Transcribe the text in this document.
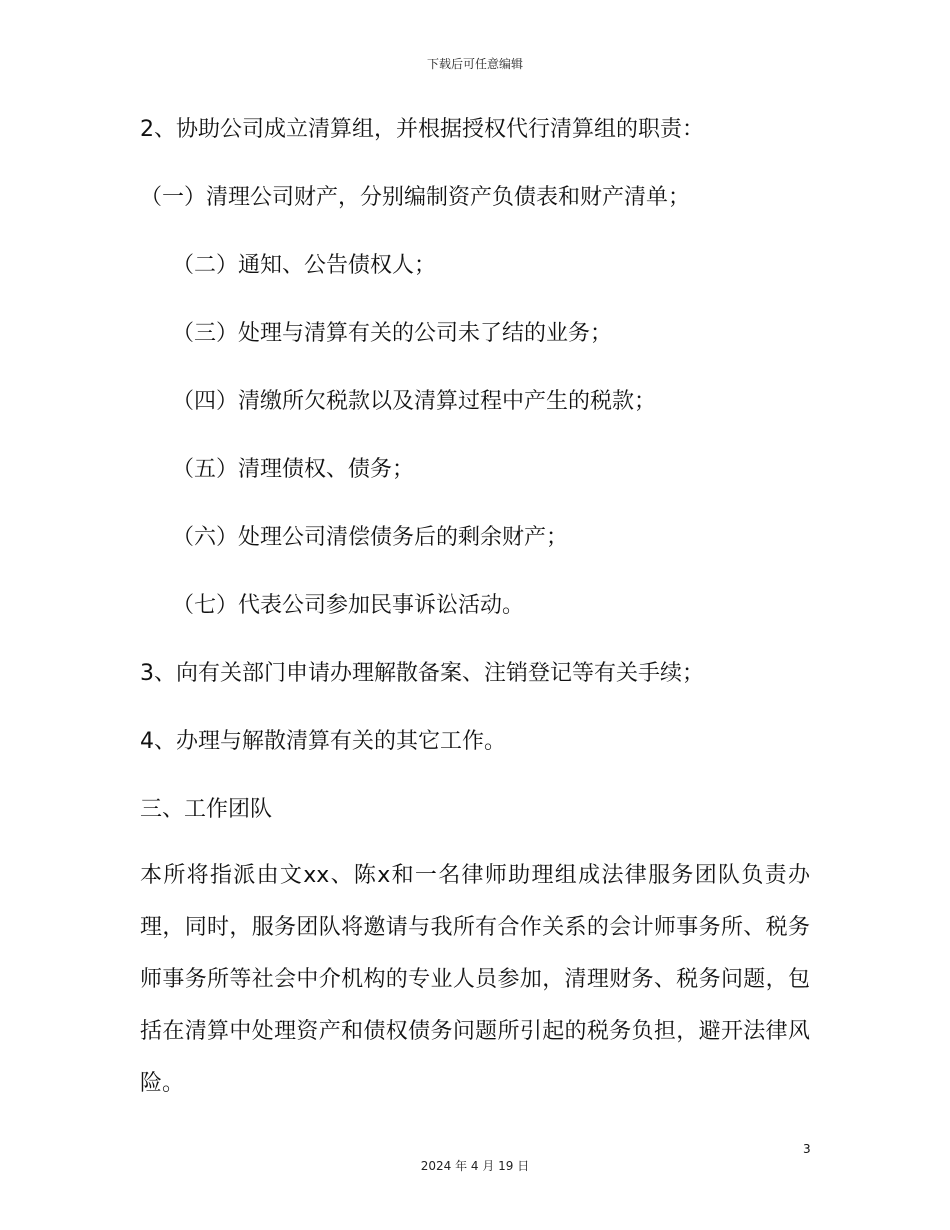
下载后可任意编辑
2、协助公司成立清算组，并根据授权代行清算组的职责：
（一）清理公司财产，分别编制资产负债表和财产清单；
（二）通知、公告债权人；
（三）处理与清算有关的公司未了结的业务；
（四）清缴所欠税款以及清算过程中产生的税款；
（五）清理债权、债务；
（六）处理公司清偿债务后的剩余财产；
（七）代表公司参加民事诉讼活动。
3、向有关部门申请办理解散备案、注销登记等有关手续；
4、办理与解散清算有关的其它工作。
三、工作团队
本所将指派由文xx、陈x和一名律师助理组成法律服务团队负责办理，同时，服务团队将邀请与我所有合作关系的会计师事务所、税务师事务所等社会中介机构的专业人员参加，清理财务、税务问题，包括在清算中处理资产和债权债务问题所引起的税务负担，避开法律风险。
3
2024 年 4 月 19 日
